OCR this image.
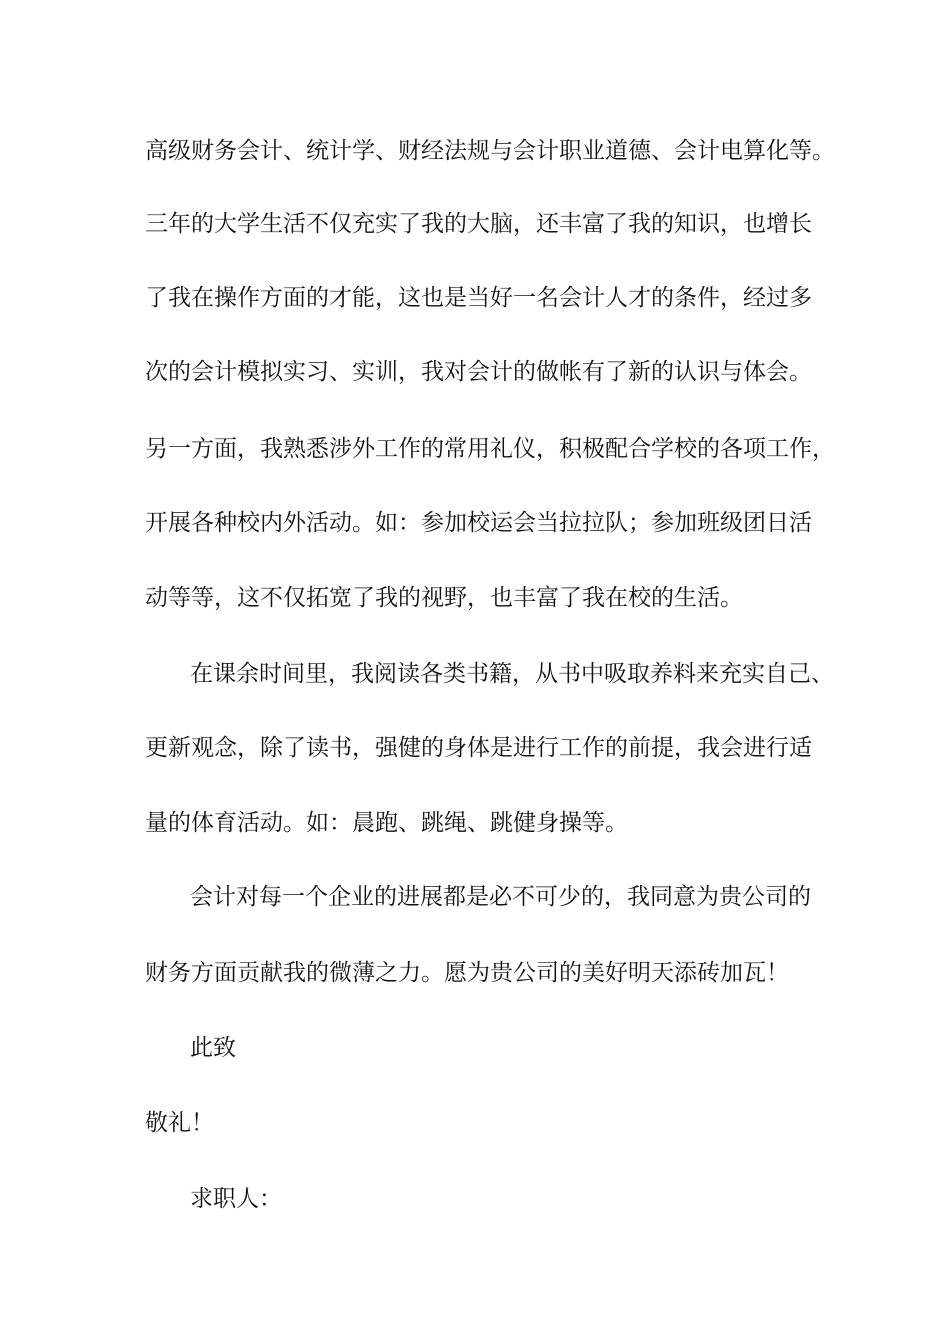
高级财务会计、统计学、财经法规与会计职业道德、会计电算化等。
三年的大学生活不仅充实了我的大脑，还丰富了我的知识，也增长
了我在操作方面的才能，这也是当好一名会计人才的条件，经过多
次的会计模拟实习、实训，我对会计的做帐有了新的认识与体会。
另一方面，我熟悉涉外工作的常用礼仪，积极配合学校的各项工作，
开展各种校内外活动。如：参加校运会当拉拉队；参加班级团日活
动等等，这不仅拓宽了我的视野，也丰富了我在校的生活。
在课余时间里，我阅读各类书籍，从书中吸取养料来充实自己、
更新观念，除了读书，强健的身体是进行工作的前提，我会进行适
量的体育活动。如：晨跑、跳绳、跳健身操等。
会计对每一个企业的进展都是必不可少的，我同意为贵公司的
财务方面贡献我的微薄之力。愿为贵公司的美好明天添砖加瓦！
此致
敬礼！
求职人：
